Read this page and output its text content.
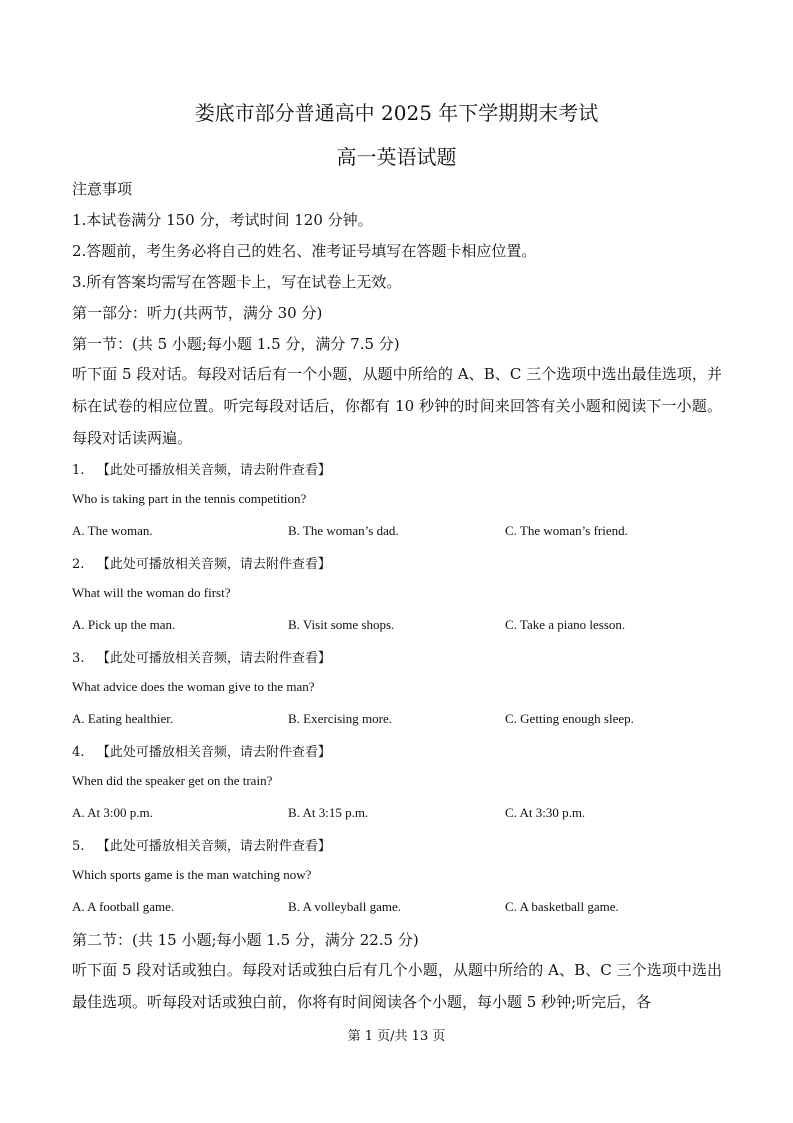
娄底市部分普通高中 2025 年下学期期末考试
高一英语试题
注意事项
1.本试卷满分 150 分，考试时间 120 分钟。
2.答题前，考生务必将自己的姓名、准考证号填写在答题卡相应位置。
3.所有答案均需写在答题卡上，写在试卷上无效。
第一部分：听力(共两节，满分 30 分)
第一节：(共 5 小题;每小题 1.5 分，满分 7.5 分)
听下面 5 段对话。每段对话后有一个小题，从题中所给的 A、B、C 三个选项中选出最佳选项，并标在试卷的相应位置。听完每段对话后，你都有 10 秒钟的时间来回答有关小题和阅读下一小题。每段对话读两遍。
1. 【此处可播放相关音频，请去附件查看】
Who is taking part in the tennis competition?
A. The woman.	B. The woman’s dad.	C. The woman’s friend.
2. 【此处可播放相关音频，请去附件查看】
What will the woman do first?
A. Pick up the man.	B. Visit some shops.	C. Take a piano lesson.
3. 【此处可播放相关音频，请去附件查看】
What advice does the woman give to the man?
A. Eating healthier.	B. Exercising more.	C. Getting enough sleep.
4. 【此处可播放相关音频，请去附件查看】
When did the speaker get on the train?
A. At 3:00 p.m.	B. At 3:15 p.m.	C. At 3:30 p.m.
5. 【此处可播放相关音频，请去附件查看】
Which sports game is the man watching now?
A. A football game.	B. A volleyball game.	C. A basketball game.
第二节：(共 15 小题;每小题 1.5 分，满分 22.5 分)
听下面 5 段对话或独白。每段对话或独白后有几个小题，从题中所给的 A、B、C 三个选项中选出最佳选项。听每段对话或独白前，你将有时间阅读各个小题，每小题 5 秒钟;听完后，各
第 1 页/共 13 页
